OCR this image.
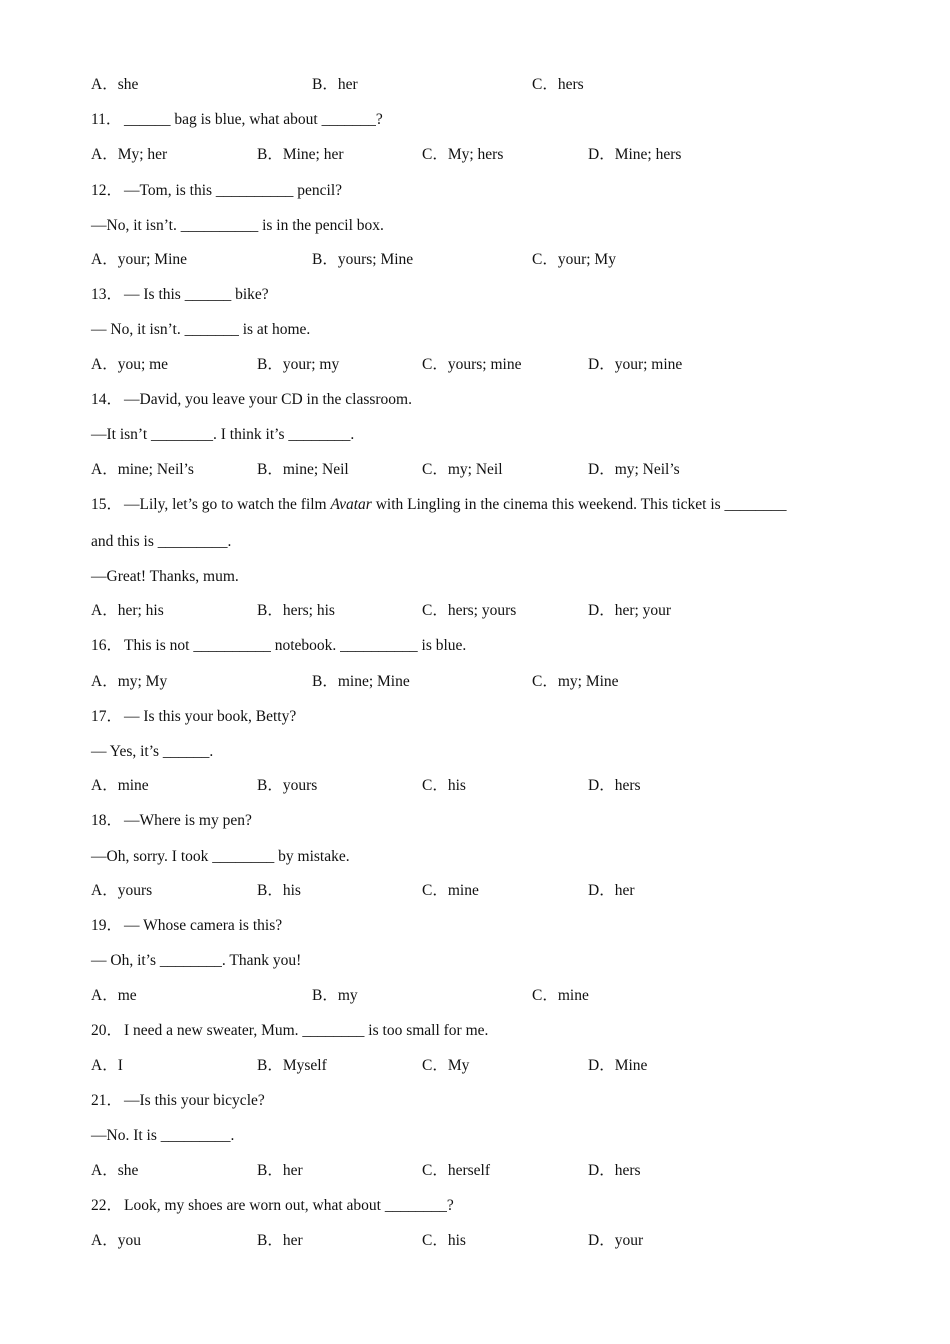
A．she	B．her	C．hers
11． ______ bag is blue, what about _______?
A．My; her	B．Mine; her	C．My; hers	D．Mine; hers
12． —Tom, is this __________ pencil?
—No, it isn’t. __________ is in the pencil box.
A．your; Mine	B．yours; Mine	C．your; My
13． — Is this ______ bike?
— No, it isn’t. _______ is at home.
A．you; me	B．your; my	C．yours; mine	D．your; mine
14． —David, you leave your CD in the classroom.
—It isn’t ________. I think it’s ________.
A．mine; Neil’s	B．mine; Neil	C．my; Neil	D．my; Neil’s
15． —Lily, let’s go to watch the film Avatar with Lingling in the cinema this weekend. This ticket is ________
and this is _________.
—Great! Thanks, mum.
A．her; his	B．hers; his	C．hers; yours	D．her; your
16． This is not __________ notebook. __________ is blue.
A．my; My	B．mine; Mine	C．my; Mine
17． — Is this your book, Betty?
— Yes, it’s ______.
A．mine	B．yours	C．his	D．hers
18． —Where is my pen?
—Oh, sorry. I took ________ by mistake.
A．yours	B．his	C．mine	D．her
19． — Whose camera is this?
— Oh, it’s ________. Thank you!
A．me	B．my	C．mine
20． I need a new sweater, Mum. ________ is too small for me.
A．I	B．Myself	C．My	D．Mine
21． —Is this your bicycle?
—No. It is _________.
A．she	B．her	C．herself	D．hers
22． Look, my shoes are worn out, what about ________?
A．you	B．her	C．his	D．your
